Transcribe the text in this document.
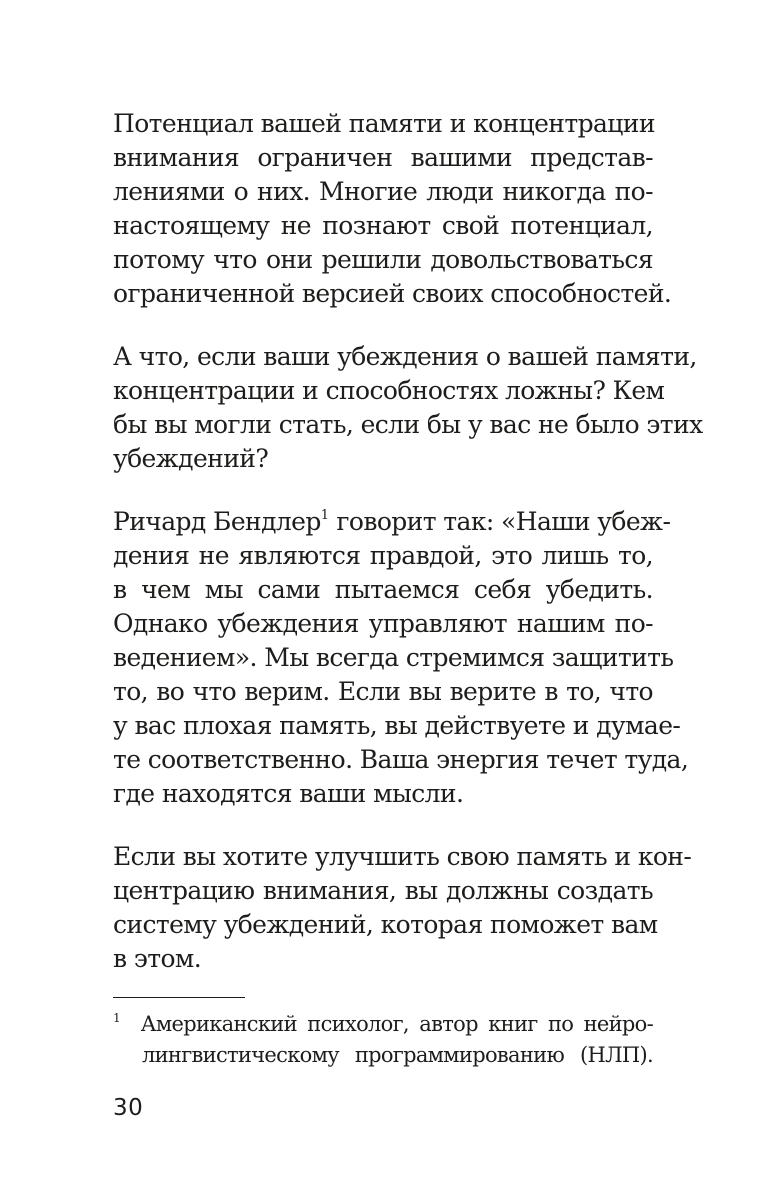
Потенциал вашей памяти и концентрации
внимания ограничен вашими представ-
лениями о них. Многие люди никогда по-
настоящему не познают свой потенциал,
потому что они решили довольствоваться
ограниченной версией своих способностей.
А что, если ваши убеждения о вашей памяти,
концентрации и способностях ложны? Кем
бы вы могли стать, если бы у вас не было этих
убеждений?
Ричард Бендлер$^1$ говорит так: «Наши убеж-
дения не являются правдой, это лишь то,
в чем мы сами пытаемся себя убедить.
Однако убеждения управляют нашим по-
ведением». Мы всегда стремимся защитить
то, во что верим. Если вы верите в то, что
у вас плохая память, вы действуете и думае-
те соответственно. Ваша энергия течет туда,
где находятся ваши мысли.
Если вы хотите улучшить свою память и кон-
центрацию внимания, вы должны создать
систему убеждений, которая поможет вам
в этом.
$^1$ Американский психолог, автор книг по нейро-
лингвистическому программированию (НЛП).
30
